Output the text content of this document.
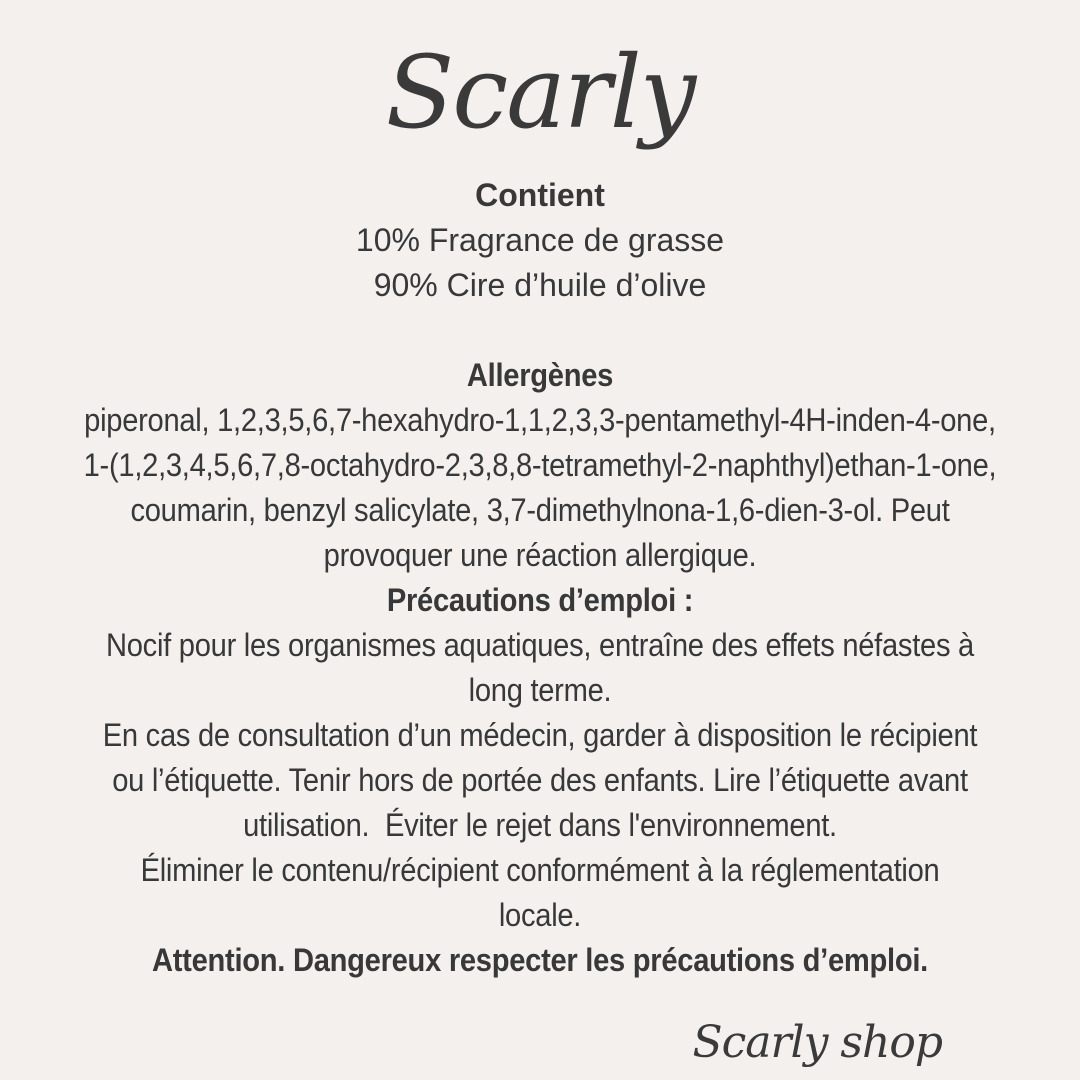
Scarly
Contient
10% Fragrance de grasse
90% Cire d’huile d’olive
Allergènes
piperonal, 1,2,3,5,6,7-hexahydro-1,1,2,3,3-pentamethyl-4H-inden-4-one,
1-(1,2,3,4,5,6,7,8-octahydro-2,3,8,8-tetramethyl-2-naphthyl)ethan-1-one,
coumarin, benzyl salicylate, 3,7-dimethylnona-1,6-dien-3-ol. Peut
provoquer une réaction allergique.
Précautions d’emploi :
Nocif pour les organismes aquatiques, entraîne des effets néfastes à
long terme.
En cas de consultation d’un médecin, garder à disposition le récipient
ou l’étiquette. Tenir hors de portée des enfants. Lire l’étiquette avant
utilisation.  Éviter le rejet dans l'environnement.
Éliminer le contenu/récipient conformément à la réglementation
locale.
Attention. Dangereux respecter les précautions d’emploi.
Scarly shop
